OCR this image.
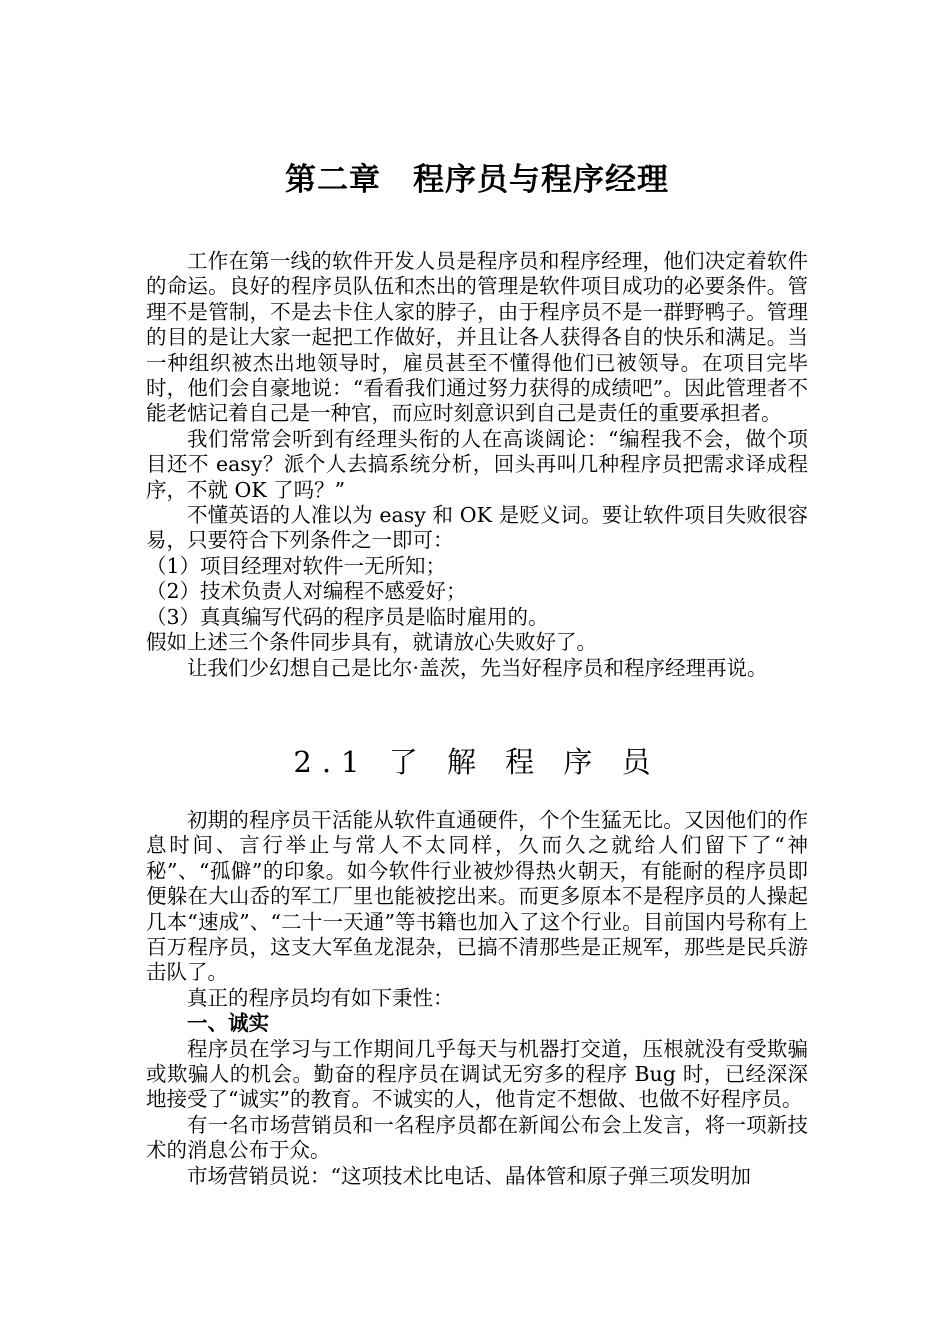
第二章　程序员与程序经理

工作在第一线的软件开发人员是程序员和程序经理，他们决定着软件的命运。良好的程序员队伍和杰出的管理是软件项目成功的必要条件。管理不是管制，不是去卡住人家的脖子，由于程序员不是一群野鸭子。管理的目的是让大家一起把工作做好，并且让各人获得各自的快乐和满足。当一种组织被杰出地领导时，雇员甚至不懂得他们已被领导。在项目完毕时，他们会自豪地说：“看看我们通过努力获得的成绩吧”。因此管理者不能老惦记着自己是一种官，而应时刻意识到自己是责任的重要承担者。

我们常常会听到有经理头衔的人在高谈阔论：“编程我不会，做个项目还不 easy？派个人去搞系统分析，回头再叫几种程序员把需求译成程序，不就 OK 了吗？”

不懂英语的人准以为 easy 和 OK 是贬义词。要让软件项目失败很容易，只要符合下列条件之一即可：

（1）项目经理对软件一无所知；

（2）技术负责人对编程不感爱好；

（3）真真编写代码的程序员是临时雇用的。

假如上述三个条件同步具有，就请放心失败好了。

让我们少幻想自己是比尔·盖茨，先当好程序员和程序经理再说。

2.1 了 解 程 序 员

初期的程序员干活能从软件直通硬件，个个生猛无比。又因他们的作息时间、言行举止与常人不太同样，久而久之就给人们留下了“神秘”、“孤僻”的印象。如今软件行业被炒得热火朝天，有能耐的程序员即便躲在大山岙的军工厂里也能被挖出来。而更多原本不是程序员的人操起几本“速成”、“二十一天通”等书籍也加入了这个行业。目前国内号称有上百万程序员，这支大军鱼龙混杂，已搞不清那些是正规军，那些是民兵游击队了。

真正的程序员均有如下秉性：

一、诚实

程序员在学习与工作期间几乎每天与机器打交道，压根就没有受欺骗或欺骗人的机会。勤奋的程序员在调试无穷多的程序 Bug 时，已经深深地接受了“诚实”的教育。不诚实的人，他肯定不想做、也做不好程序员。

有一名市场营销员和一名程序员都在新闻公布会上发言，将一项新技术的消息公布于众。

市场营销员说：“这项技术比电话、晶体管和原子弹三项发明加
